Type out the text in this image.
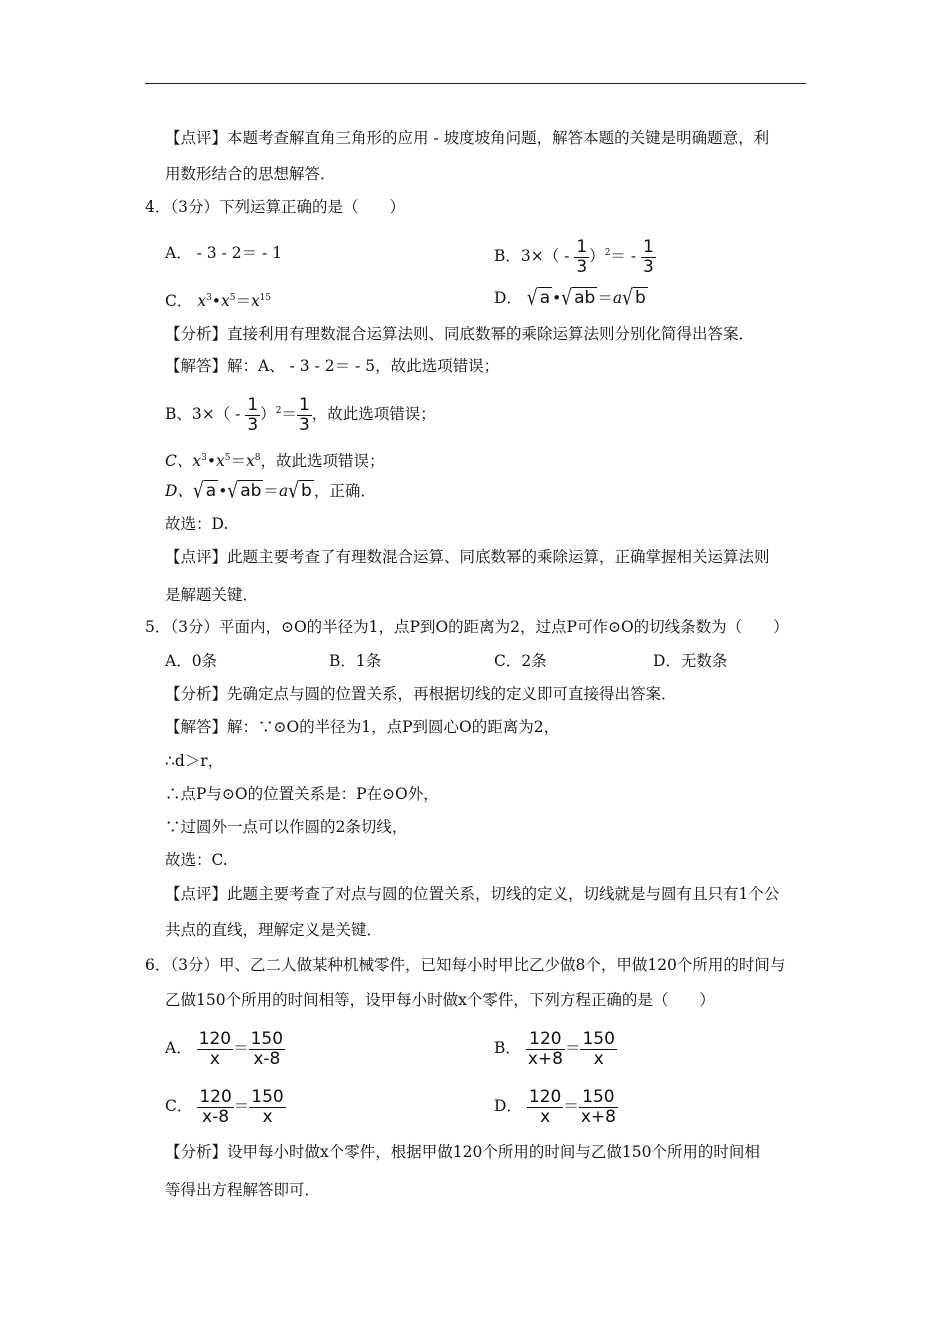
【点评】本题考查解直角三角形的应用 - 坡度坡角问题，解答本题的关键是明确题意，利
用数形结合的思想解答．
4．（3分）下列运算正确的是（　　）
A． - 3 - 2＝ - 1	B．$3\times( - \frac{1}{3} )^2= - \frac{1}{3}$
C． $x^3•x^5=x^{15}$	D． √ a •√ ab ＝a√ b
【分析】直接利用有理数混合运算法则、同底数幂的乘除运算法则分别化简得出答案．
【解答】解：A、 - 3 - 2＝ - 5，故此选项错误；
B、$3\times( - \frac{1}{3} )^2= \frac{1}{3}$ ，故此选项错误；
C、$x^3•x^5=x^8$，故此选项错误；
D、√ a •√ ab ＝a√ b ，正确．
故选：D.
【点评】此题主要考查了有理数混合运算、同底数幂的乘除运算，正确掌握相关运算法则
是解题关键．
5．（3分）平面内，⊙O的半径为1，点P到O的距离为2，过点P可作⊙O的切线条数为（　　）
A．0条	B．1条	C．2条	D．无数条
【分析】先确定点与圆的位置关系，再根据切线的定义即可直接得出答案．
【解答】解：∵⊙O的半径为1，点P到圆心O的距离为2，
∴d＞r，
∴点P与⊙O的位置关系是：P在⊙O外，
∵过圆外一点可以作圆的2条切线，
故选：C.
【点评】此题主要考查了对点与圆的位置关系，切线的定义，切线就是与圆有且只有1个公
共点的直线，理解定义是关键．
6．（3分）甲、乙二人做某种机械零件，已知每小时甲比乙少做8个，甲做120个所用的时间与
乙做150个所用的时间相等，设甲每小时做x个零件，下列方程正确的是（　　）
A． $\frac{120}{x} = \frac{150}{x-8}$	B． $\frac{120}{x+8} = \frac{150}{x}$
C． $\frac{120}{x-8} = \frac{150}{x}$	D． $\frac{120}{x} = \frac{150}{x+8}$
【分析】设甲每小时做x个零件，根据甲做120个所用的时间与乙做150个所用的时间相
等得出方程解答即可．
